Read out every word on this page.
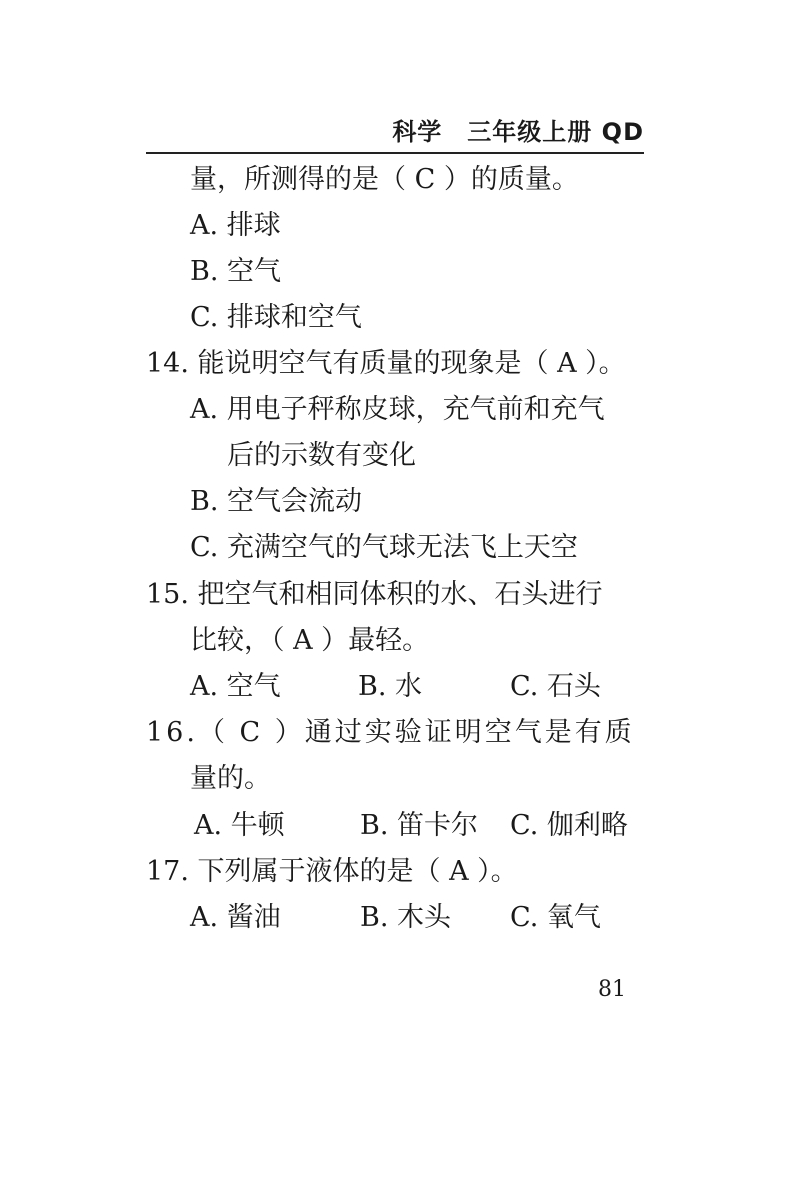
科学　三年级上册 QD
量，所测得的是（ C ）的质量。
A. 排球
B. 空气
C. 排球和空气
14. 能说明空气有质量的现象是（ A ）。
A. 用电子秤称皮球，充气前和充气
后的示数有变化
B. 空气会流动
C. 充满空气的气球无法飞上天空
15. 把空气和相同体积的水、石头进行
比较，（ A ）最轻。
A. 空气	B. 水	C. 石头
16.（ C ）通过实验证明空气是有质
量的。
A. 牛顿	B. 笛卡尔 C. 伽利略
17. 下列属于液体的是（ A ）。
A. 酱油	B. 木头 C. 氧气
81
